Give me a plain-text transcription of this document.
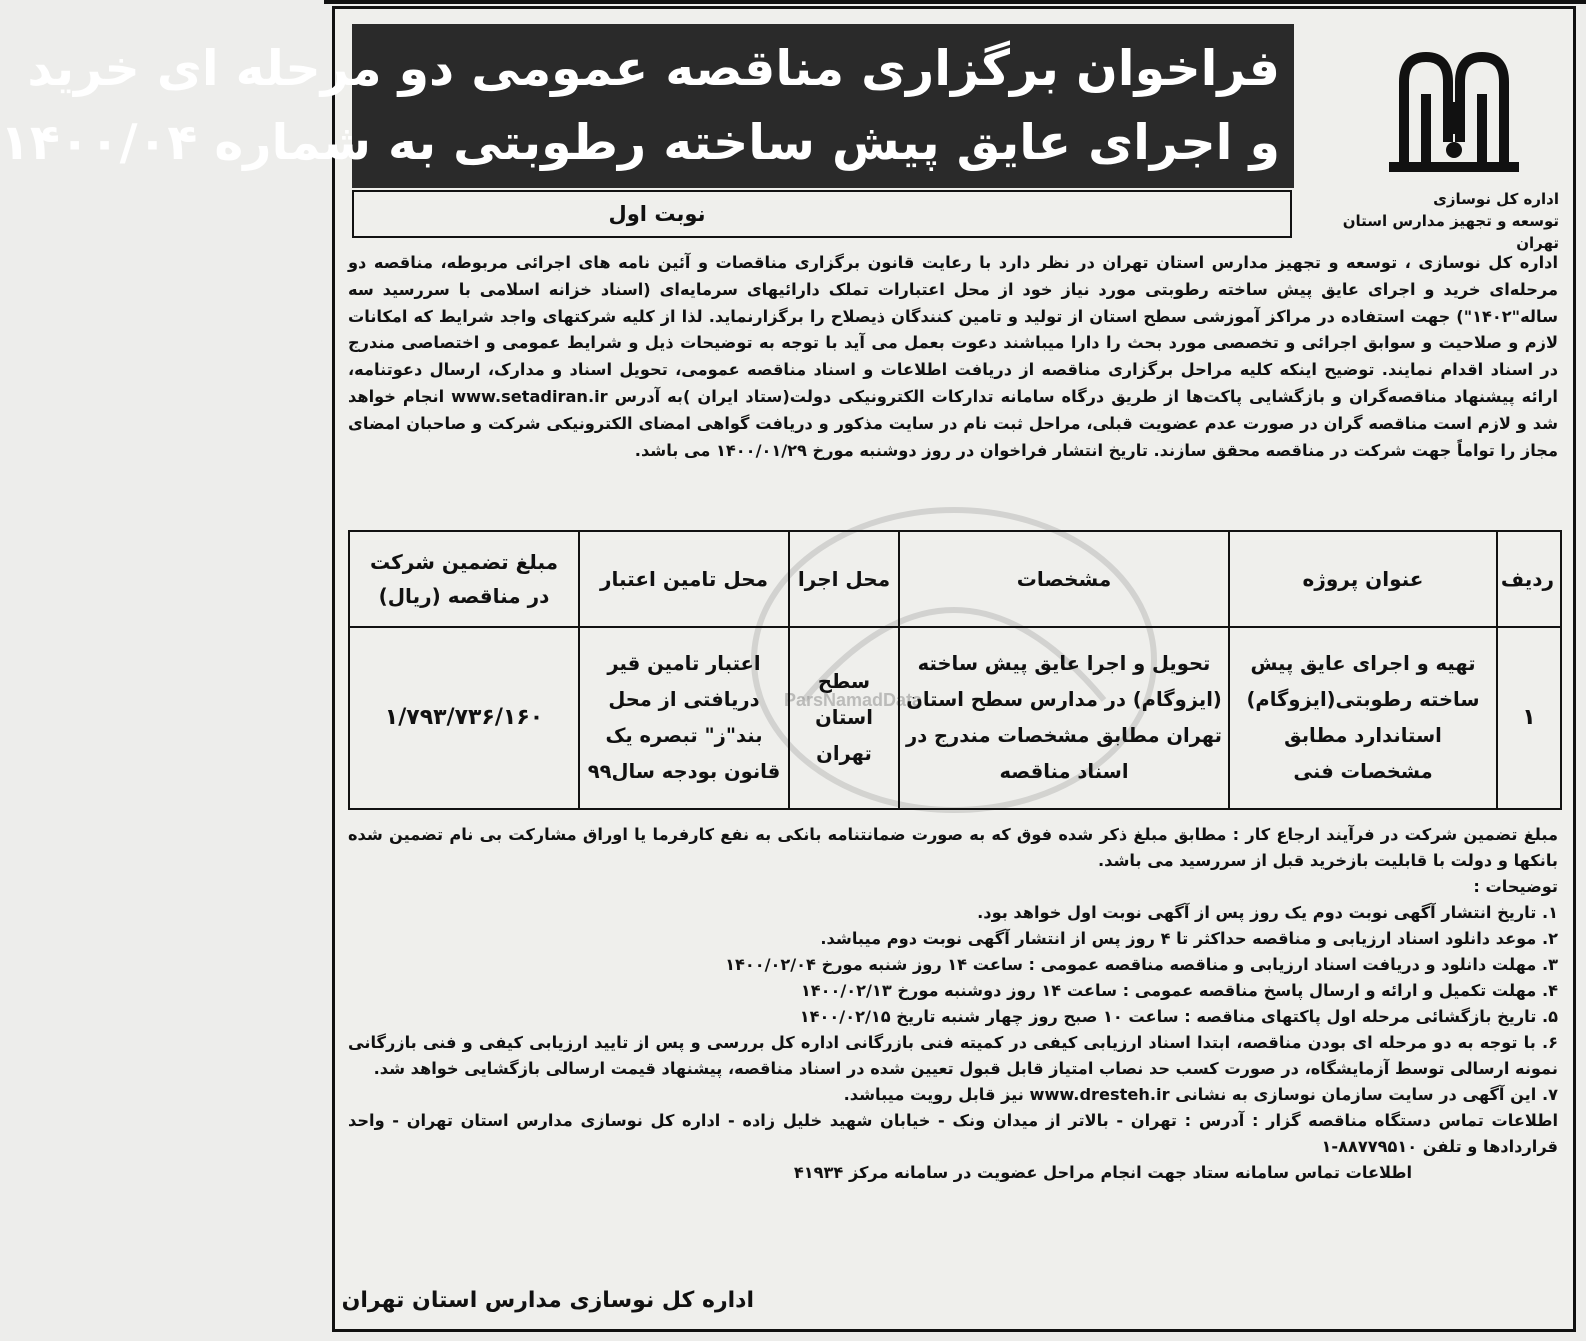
فراخوان برگزاری مناقصه عمومی دو مرحله ای خرید
و اجرای عایق پیش ساخته رطوبتی به شماره ۱۴۰۰/۰۴
اداره کل نوسازی
توسعه و تجهیز مدارس استان تهران
نوبت اول
اداره کل نوسازی ، توسعه و تجهیز مدارس استان تهران در نظر دارد با رعایت قانون برگزاری مناقصات و آئین نامه های اجرائی مربوطه، مناقصه دو مرحله‌ای خرید و اجرای عایق پیش ساخته رطوبتی مورد نیاز خود از محل اعتبارات تملک دارائیهای سرمایه‌ای (اسناد خزانه اسلامی با سررسید سه ساله"۱۴۰۲") جهت استفاده در مراکز آموزشی سطح استان از تولید و تامین کنندگان ذیصلاح را برگزارنماید. لذا از کلیه شرکتهای واجد شرایط که امکانات لازم و صلاحیت و سوابق اجرائی و تخصصی مورد بحث را دارا میباشند دعوت بعمل می آید با توجه به توضیحات ذیل و شرایط عمومی و اختصاصی مندرج در اسناد اقدام نمایند. توضیح اینکه کلیه مراحل برگزاری مناقصه از دریافت اطلاعات و اسناد مناقصه عمومی، تحویل اسناد و مدارک، ارسال دعوتنامه، ارائه پیشنهاد مناقصه‌گران و بازگشایی پاکت‌ها از طریق درگاه سامانه تدارکات الکترونیکی دولت(ستاد ایران )به آدرس www.setadiran.ir انجام خواهد شد و لازم است مناقصه گران در صورت عدم عضویت قبلی، مراحل ثبت نام در سایت مذکور و دریافت گواهی امضای الکترونیکی شرکت و صاحبان امضای مجاز را تواماً جهت شرکت در مناقصه محقق سازند. تاریخ انتشار فراخوان در روز دوشنبه مورخ ۱۴۰۰/۰۱/۲۹ می باشد.
ParsNamadData
ردیف	عنوان پروژه	مشخصات	محل اجرا	محل تامین اعتبار	مبلغ تضمین شرکت در مناقصه (ریال)
۱	تهیه و اجرای عایق پیش ساخته رطوبتی(ایزوگام) استاندارد مطابق مشخصات فنی	تحویل و اجرا عایق پیش ساخته (ایزوگام) در مدارس سطح استان تهران مطابق مشخصات مندرج در اسناد مناقصه	سطح استان تهران	اعتبار تامین قیر دریافتی از محل بند"ز" تبصره یک قانون بودجه سال۹۹	۱/۷۹۳/۷۳۶/۱۶۰
مبلغ تضمین شرکت در فرآیند ارجاع کار : مطابق مبلغ ذکر شده فوق که به صورت ضمانتنامه بانکی به نفع کارفرما یا اوراق مشارکت بی نام تضمین شده بانکها و دولت با قابلیت بازخرید قبل از سررسید می باشد.
توضیحات :
۱. تاریخ انتشار آگهی نوبت دوم یک روز پس از آگهی نوبت اول خواهد بود.
۲. موعد دانلود اسناد ارزیابی و مناقصه حداکثر تا ۴ روز پس از انتشار آگهی نوبت دوم میباشد.
۳. مهلت دانلود و دریافت اسناد ارزیابی و مناقصه مناقصه عمومی : ساعت ۱۴ روز شنبه مورخ ۱۴۰۰/۰۲/۰۴
۴. مهلت تکمیل و ارائه و ارسال پاسخ مناقصه عمومی : ساعت ۱۴ روز دوشنبه مورخ ۱۴۰۰/۰۲/۱۳
۵. تاریخ بازگشائی مرحله اول پاکتهای مناقصه : ساعت ۱۰ صبح روز چهار شنبه تاریخ ۱۴۰۰/۰۲/۱۵
۶. با توجه به دو مرحله ای بودن مناقصه، ابتدا اسناد ارزیابی کیفی در کمیته فنی بازرگانی اداره کل بررسی و پس از تایید ارزیابی کیفی و فنی بازرگانی نمونه ارسالی توسط آزمایشگاه، در صورت کسب حد نصاب امتیاز قابل قبول تعیین شده در اسناد مناقصه، پیشنهاد قیمت ارسالی بازگشایی خواهد شد.
۷. این آگهی در سایت سازمان نوسازی به نشانی www.dresteh.ir نیز قابل رویت میباشد.
اطلاعات تماس دستگاه مناقصه گزار : آدرس : تهران - بالاتر از میدان ونک - خیابان شهید خلیل زاده - اداره کل نوسازی مدارس استان تهران - واحد قراردادها و تلفن ۸۸۷۷۹۵۱۰-۱
اطلاعات تماس سامانه ستاد جهت انجام مراحل عضویت در سامانه مرکز ۴۱۹۳۴
اداره کل نوسازی مدارس استان تهران
